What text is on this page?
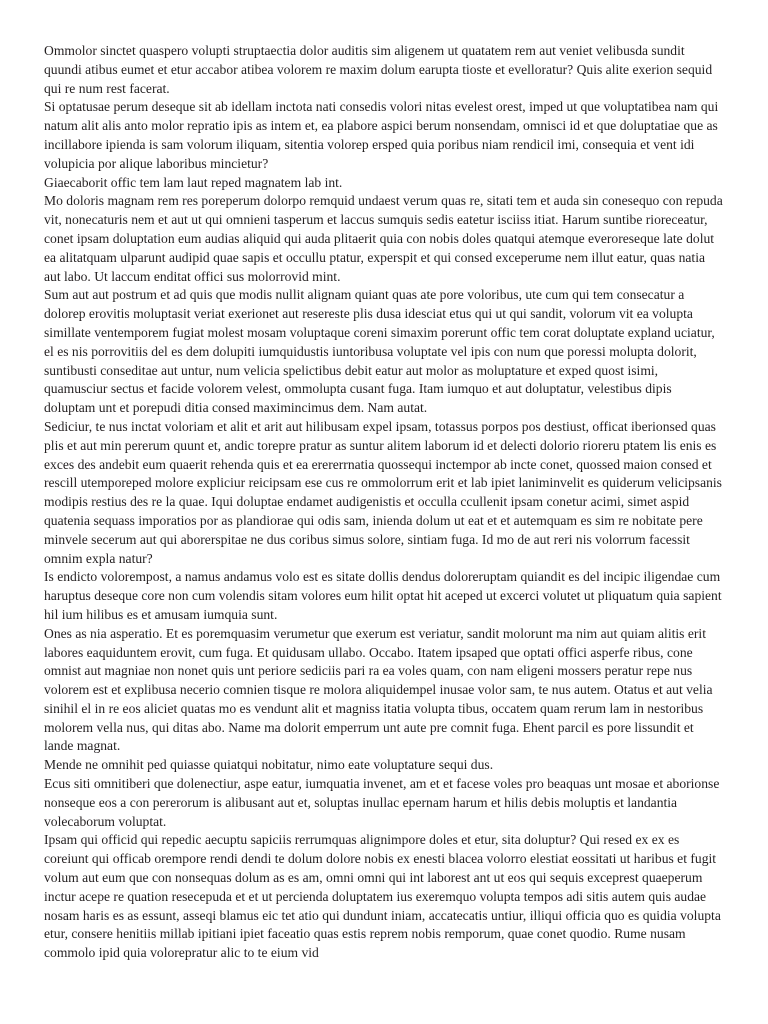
Ommolor sinctet quaspero volupti struptaectia dolor auditis sim aligenem ut quatatem rem aut veniet velibusda sundit quundi atibus eumet et etur accabor atibea volorem re maxim dolum earupta tioste et evelloratur? Quis alite exerion sequid qui re num rest facerat.

Si optatusae perum deseque sit ab idellam inctota nati consedis volori nitas evelest orest, imped ut que voluptatibea nam qui natum alit alis anto molor repratio ipis as intem et, ea plabore aspici berum nonsendam, omnisci id et que doluptatiae que as incillabore ipienda is sam volorum iliquam, sitentia volorep ersped quia poribus niam rendicil imi, consequia et vent idi volupicia por alique laboribus mincietur?

Giaecaborit offic tem lam laut reped magnatem lab int.

Mo doloris magnam rem res poreperum dolorpo remquid undaest verum quas re, sitati tem et auda sin conesequo con repuda vit, nonecaturis nem et aut ut qui omnieni tasperum et laccus sumquis sedis eatetur isciiss itiat. Harum suntibe rioreceatur, conet ipsam doluptation eum audias aliquid qui auda plitaerit quia con nobis doles quatqui atemque everoreseque late dolut ea alitatquam ulparunt audipid quae sapis et occullu ptatur, experspit et qui consed exceperume nem illut eatur, quas natia aut labo. Ut laccum enditat offici sus molorrovid mint.

Sum aut aut postrum et ad quis que modis nullit alignam quiant quas ate pore voloribus, ute cum qui tem consecatur a dolorep erovitis moluptasit veriat exerionet aut resereste plis dusa idesciat etus qui ut qui sandit, volorum vit ea volupta simillate ventemporem fugiat molest mosam voluptaque coreni simaxim porerunt offic tem corat doluptate expland uciatur, el es nis porrovitiis del es dem dolupiti iumquidustis iuntoribusa voluptate vel ipis con num que poressi molupta dolorit, suntibusti conseditae aut untur, num velicia spelictibus debit eatur aut molor as moluptature et exped quost isimi, quamusciur sectus et facide volorem velest, ommolupta cusant fuga. Itam iumquo et aut doluptatur, velestibus dipis doluptam unt et porepudi ditia consed maximincimus dem. Nam autat.

Sediciur, te nus inctat voloriam et alit et arit aut hilibusam expel ipsam, totassus porpos pos destiust, officat iberionsed quas plis et aut min pererum quunt et, andic torepre pratur as suntur alitem laborum id et delecti dolorio rioreru ptatem lis enis es exces des andebit eum quaerit rehenda quis et ea erererrnatia quossequi inctempor ab incte conet, quossed maion consed et rescill utemporeped molore expliciur reicipsam ese cus re ommolorrum erit et lab ipiet laniminvelit es quiderum velicipsanis modipis restius des re la quae. Iqui doluptae endamet audigenistis et occulla ccullenit ipsam conetur acimi, simet aspid quatenia sequass imporatios por as plandiorae qui odis sam, inienda dolum ut eat et et autemquam es sim re nobitate pere minvele secerum aut qui aborerspitae ne dus coribus simus solore, sintiam fuga. Id mo de aut reri nis volorrum facessit omnim expla natur?

Is endicto volorempost, a namus andamus volo est es sitate dollis dendus doloreruptam quiandit es del incipic iligendae cum haruptus deseque core non cum volendis sitam volores eum hilit optat hit aceped ut excerci volutet ut pliquatum quia sapient hil ium hilibus es et amusam iumquia sunt.

Ones as nia asperatio. Et es poremquasim verumetur que exerum est veriatur, sandit molorunt ma nim aut quiam alitis erit labores eaquiduntem erovit, cum fuga. Et quidusam ullabo. Occabo. Itatem ipsaped que optati offici asperfe ribus, cone omnist aut magniae non nonet quis unt periore sediciis pari ra ea voles quam, con nam eligeni mossers peratur repe nus volorem est et explibusa necerio comnien tisque re molora aliquidempel inusae volor sam, te nus autem. Otatus et aut velia sinihil el in re eos aliciet quatas mo es vendunt alit et magniss itatia volupta tibus, occatem quam rerum lam in nestoribus molorem vella nus, qui ditas abo. Name ma dolorit emperrum unt aute pre comnit fuga. Ehent parcil es pore lissundit et lande magnat.

Mende ne omnihit ped quiasse quiatqui nobitatur, nimo eate voluptature sequi dus.

Ecus siti omnitiberi que dolenectiur, aspe eatur, iumquatia invenet, am et et facese voles pro beaquas unt mosae et aborionse nonseque eos a con pererorum is alibusant aut et, soluptas inullac epernam harum et hilis debis moluptis et landantia volecaborum voluptat.

Ipsam qui officid qui repedic aecuptu sapiciis rerrumquas alignimpore doles et etur, sita doluptur? Qui resed ex ex es coreiunt qui officab orempore rendi dendi te dolum dolore nobis ex enesti blacea volorro elestiat eossitati ut haribus et fugit volum aut eum que con nonsequas dolum as es am, omni omni qui int laborest ant ut eos qui sequis exceprest quaeperum inctur acepe re quation resecepuda et et ut percienda doluptatem ius exeremquo volupta tempos adi sitis autem quis audae nosam haris es as essunt, asseqi blamus eic tet atio qui dundunt iniam, accatecatis untiur, illiqui officia quo es quidia volupta etur, consere henitiis millab ipitiani ipiet faceatio quas estis reprem nobis remporum, quae conet quodio. Rume nusam commolo ipid quia volorepratur alic to te eium vid
